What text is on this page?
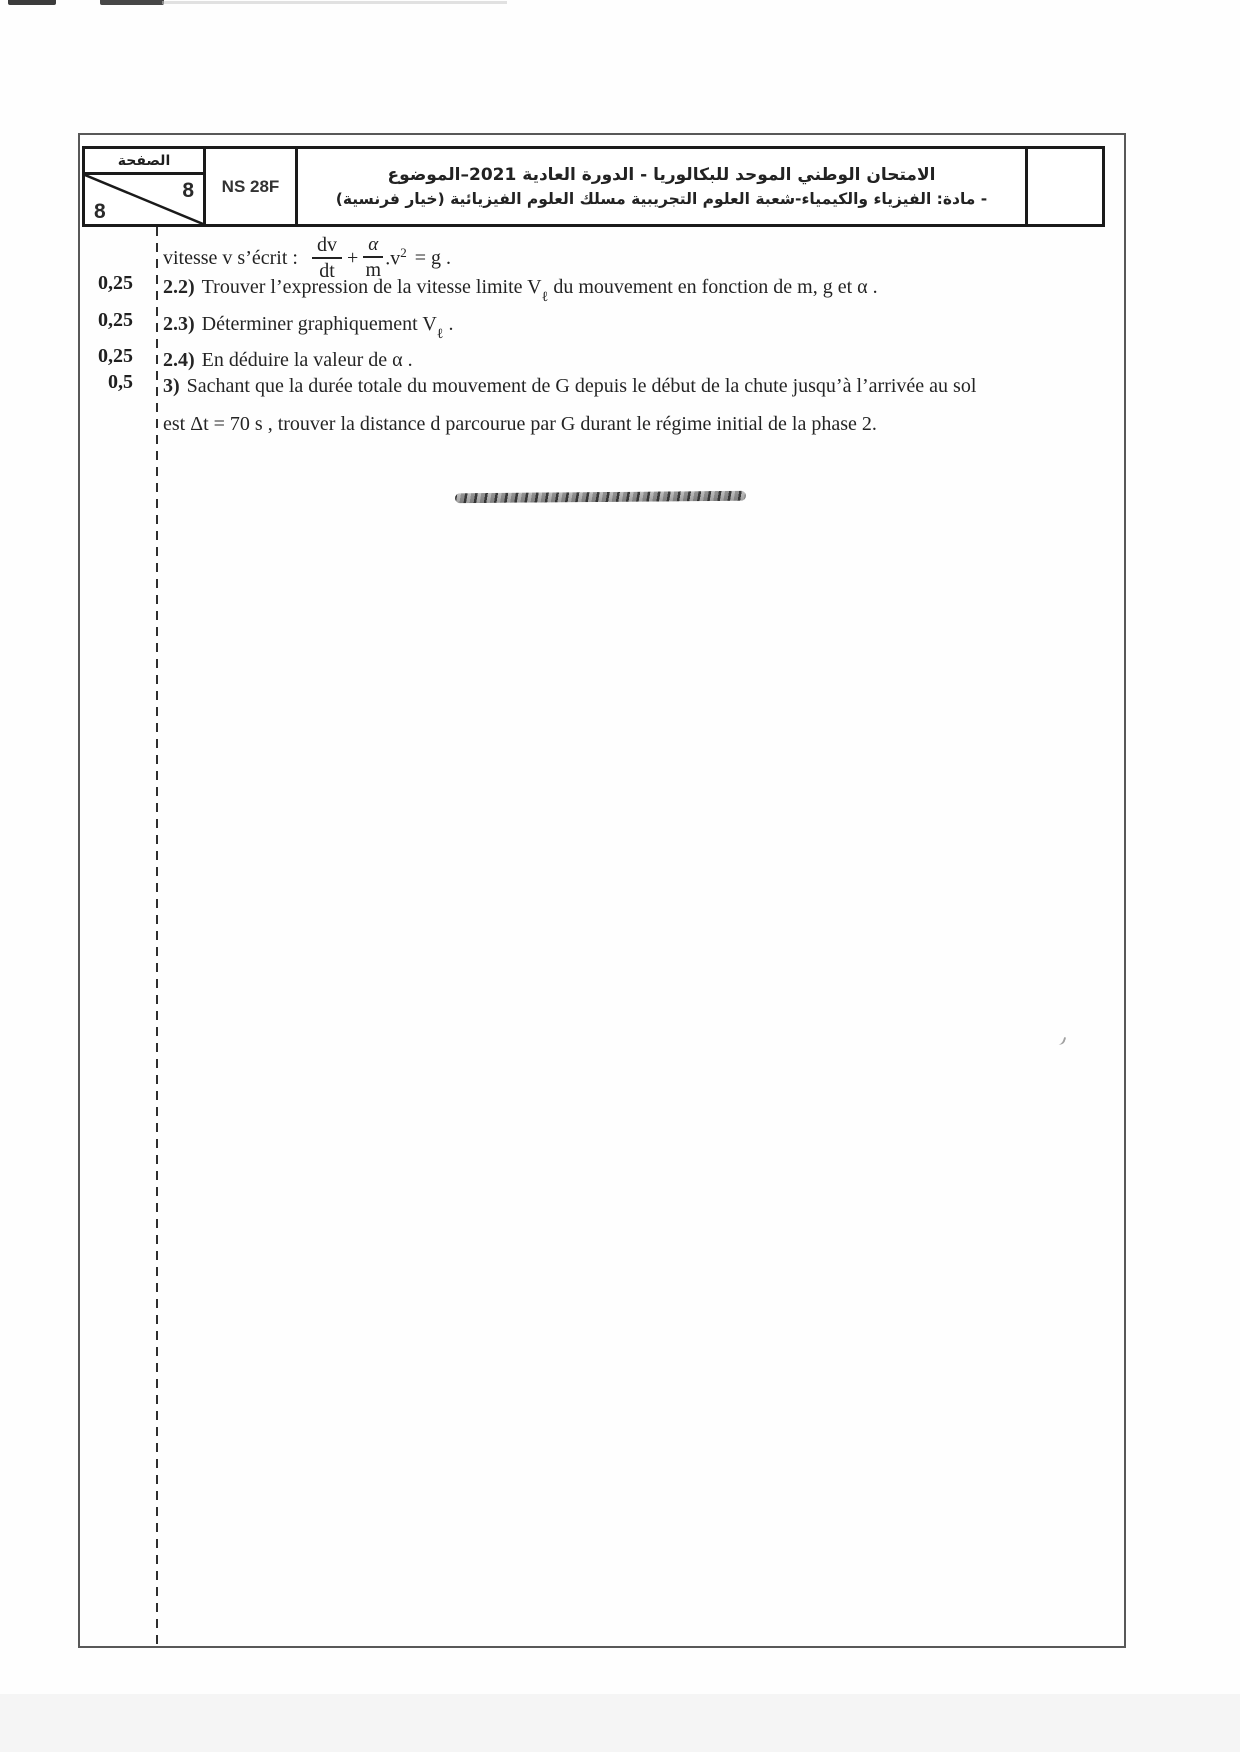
الصفحة
8
8
NS 28F
الامتحان الوطني الموحد للبكالوريا - الدورة العادية 2021–الموضوع
- مادة: الفيزياء والكيمياء-شعبة العلوم التجريبية مسلك العلوم الفيزيائية (خيار فرنسية)
vitesse v s’écrit : $\frac{dv}{dt} + \frac{\alpha}{m} .v^2 = g$ .
0,25 2.2) Trouver l’expression de la vitesse limite $V_\ell$ du mouvement en fonction de m, g et α .
0,25 2.3) Déterminer graphiquement $V_\ell$ .
0,25 2.4) En déduire la valeur de α .
0,5 3) Sachant que la durée totale du mouvement de G depuis le début de la chute jusqu’à l’arrivée au sol
est Δt = 70 s , trouver la distance d parcourue par G durant le régime initial de la phase 2.
